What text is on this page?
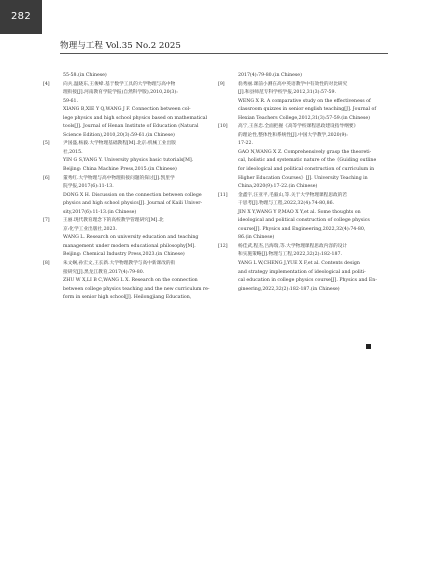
282
物理与工程 Vol.35 No.2 2025
55-58.(in Chinese)
[4]	向兵,温晓东,王俊峰.基于数学工具的大学物理与高中物
理衔接[J].河南教育学院学报(自然科学版),2010,20(3):
59-61.
XIANG B,XIE Y Q,WANG J F. Connection between col-
lege physics and high school physics based on mathematical
tools[J]. Journal of Henan Institute of Education (Natural
Science Edition),2010,20(3):59-61.(in Chinese)
[5]	尹国盛,杨毅.大学物理基础教程[M].北京:机械工业出版
社,2015.
YIN G S,YANG Y. University physics basic tutorials[M].
Beijing: China Machine Press,2015.(in Chinese)
[6]	董秀红.大学物理与高中物理衔接问题的探讨[J].凯里学
院学报,2017(6):11-13.
DONG X H. Discussion on the connection between college
physics and high school physics[J]. Journal of Kaili Univer-
sity,2017(6):11-13.(in Chinese)
[7]	王丽.现代教育理念下的高校教学管理研究[M].北
京:化学工业出版社,2023.
WANG L. Research on university education and teaching
management under modern educational philosophy[M].
Beijing: Chemical Industry Press,2023.(in Chinese)
[8]	朱文娴,孙宏文,王长新.大学物理教学与高中新课改的衔
接研究[J].黑龙江教育,2017(4):79-80.
ZHU W X,LI B C,WANG L X. Research on the connection
between college physics teaching and the new curriculum re-
form in senior high school[J]. Heilongjiang Education,
2017(4):79-80.(in Chinese)
[9]	翁秀丽.课前小测在高中英语教学中有效性的对比研究
[J].和县师范专科学校学报,2012,31(3):57-59.
WENG X R. A comparative study on the effectiveness of
classroom quizzes in senior english teaching[J]. Journal of
Hexian Teachers College,2012,31(3):57-59.(in Chinese)
[10]	高宁,王喜忠.全面把握《高等学校课程思政建设指导纲要》
的理论性,整体性和系统性[J].中国大学教学,2020(9):
17-22.
GAO N,WANG X Z. Comprehensively grasp the theoreti-
cal, holistic and systematic nature of the《Guiding outline
for ideological and political construction of curriculum in
Higher Education Courses》[J]. University Teaching in
China,2020(9):17-22.(in Chinese)
[11]	金鑫宇,汪亚平,毛毅山,等.关于大学物理课程思政的若
干思考[J].物理与工程,2022,32(4):74-80,86.
JIN X Y,WANG Y P,MAO X Y,et al. Some thoughts on
ideological and political construction of college physics
course[J]. Physics and Engineering,2022,32(4):74-80,
86.(in Chinese)
[12]	杨佳武,程杰,吕海瑞,等.大学物理课程思政内容的设计
和实施策略[J].物理与工程,2022,32(2):182-187.
YANG L W,CHENG J,YUE X F,et al. Contents design
and strategy implementation of ideological and politi-
cal education in college physics course[J]. Physics and En-
gineering,2022,32(2):182-187.(in Chinese)
